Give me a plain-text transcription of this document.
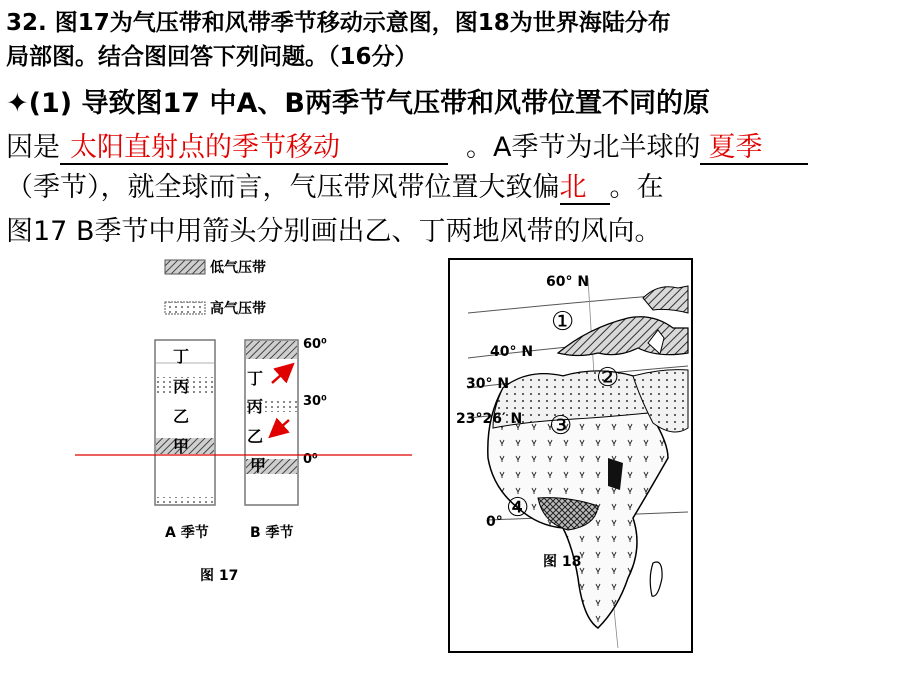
32. 图17为气压带和风带季节移动示意图，图18为世界海陆分布
局部图。结合图回答下列问题。（16分）
✦(1) 导致图17 中A、B两季节气压带和风带位置不同的原
因是 太阳直射点的季节移动	。A季节为北半球的 夏季
（季节），就全球而言，气压带风带位置大致偏北 。在
图17 B季节中用箭头分别画出乙、丁两地风带的风向。
低气压带
高气压带
丁
丙
乙
甲
丁
丙
乙
甲
60⁰
30⁰
0⁰
A 季节	B 季节
图 17
60° N
40° N
30° N
23°26′ N
0°
①
②
③
④
图 18
